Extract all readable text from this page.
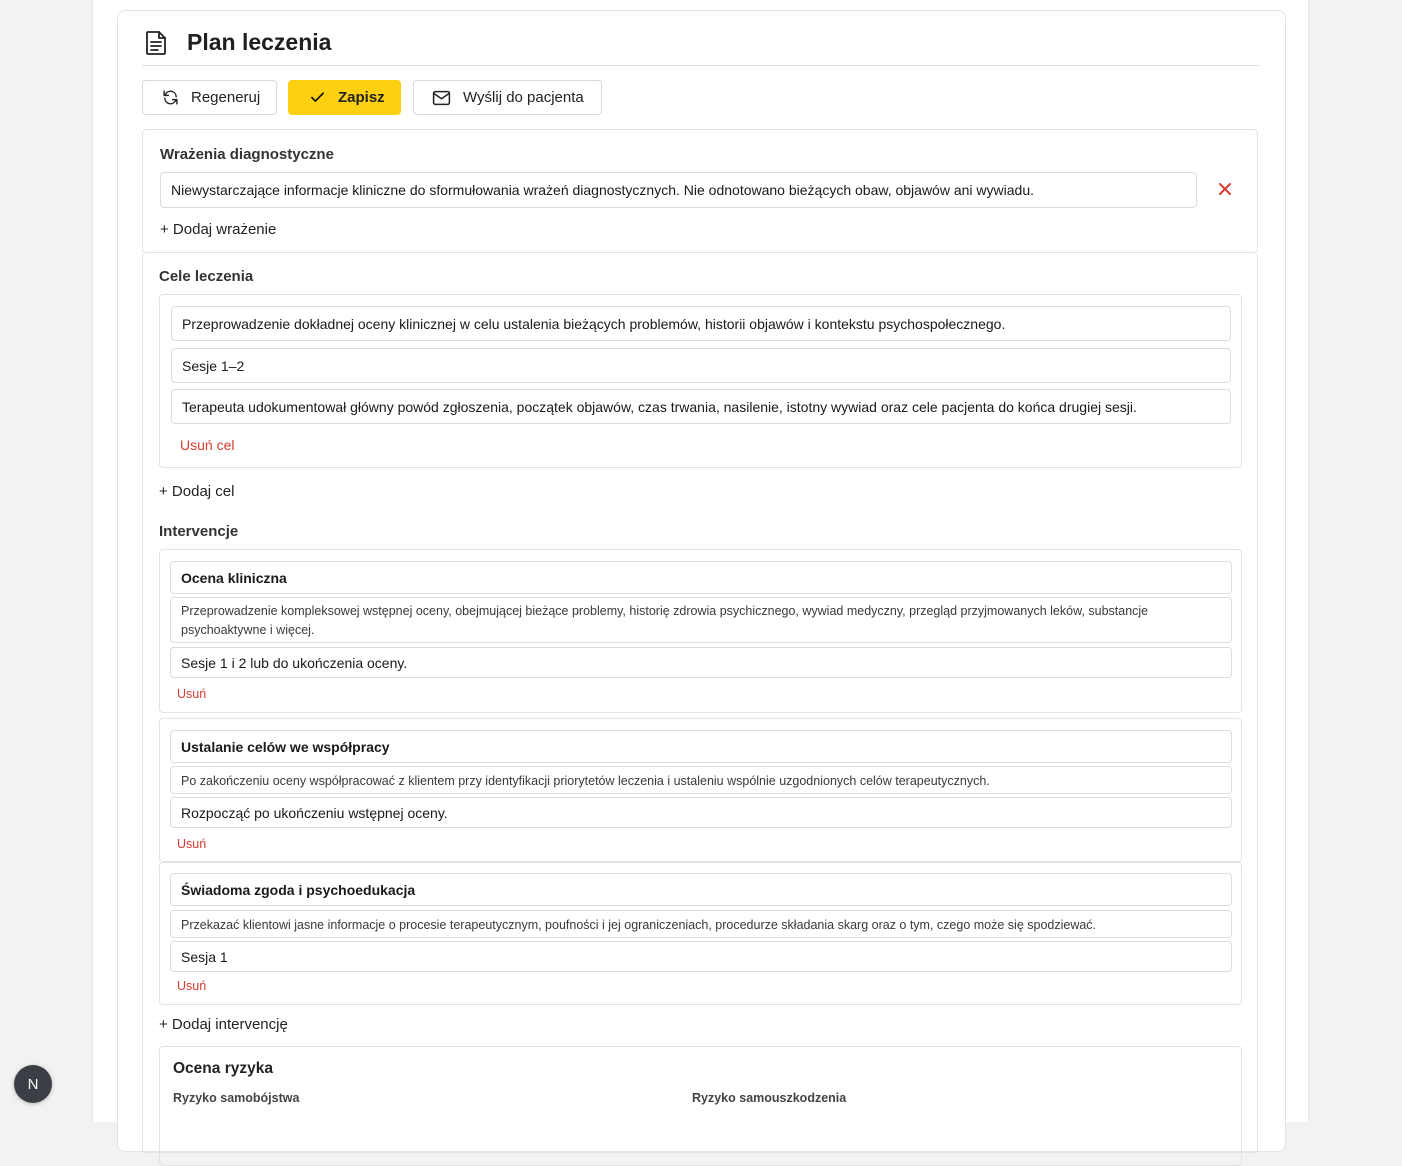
Plan leczenia
Regeneruj	Zapisz	Wyślij do pacjenta
Wrażenia diagnostyczne
Niewystarczające informacje kliniczne do sformułowania wrażeń diagnostycznych. Nie odnotowano bieżących obaw, objawów ani wywiadu.
+ Dodaj wrażenie
Cele leczenia
Przeprowadzenie dokładnej oceny klinicznej w celu ustalenia bieżących problemów, historii objawów i kontekstu psychospołecznego.
Sesje 1–2
Terapeuta udokumentował główny powód zgłoszenia, początek objawów, czas trwania, nasilenie, istotny wywiad oraz cele pacjenta do końca drugiej sesji.
Usuń cel
+ Dodaj cel
Intervencje
Ocena kliniczna
Przeprowadzenie kompleksowej wstępnej oceny, obejmującej bieżące problemy, historię zdrowia psychicznego, wywiad medyczny, przegląd przyjmowanych leków, substancje psychoaktywne i więcej.
Sesje 1 i 2 lub do ukończenia oceny.
Usuń
Ustalanie celów we współpracy
Po zakończeniu oceny współpracować z klientem przy identyfikacji priorytetów leczenia i ustaleniu wspólnie uzgodnionych celów terapeutycznych.
Rozpocząć po ukończeniu wstępnej oceny.
Usuń
Świadoma zgoda i psychoedukacja
Przekazać klientowi jasne informacje o procesie terapeutycznym, poufności i jej ograniczeniach, procedurze składania skarg oraz o tym, czego może się spodziewać.
Sesja 1
Usuń
+ Dodaj intervencję
Ocena ryzyka
Ryzyko samobójstwa	Ryzyko samouszkodzenia
N
